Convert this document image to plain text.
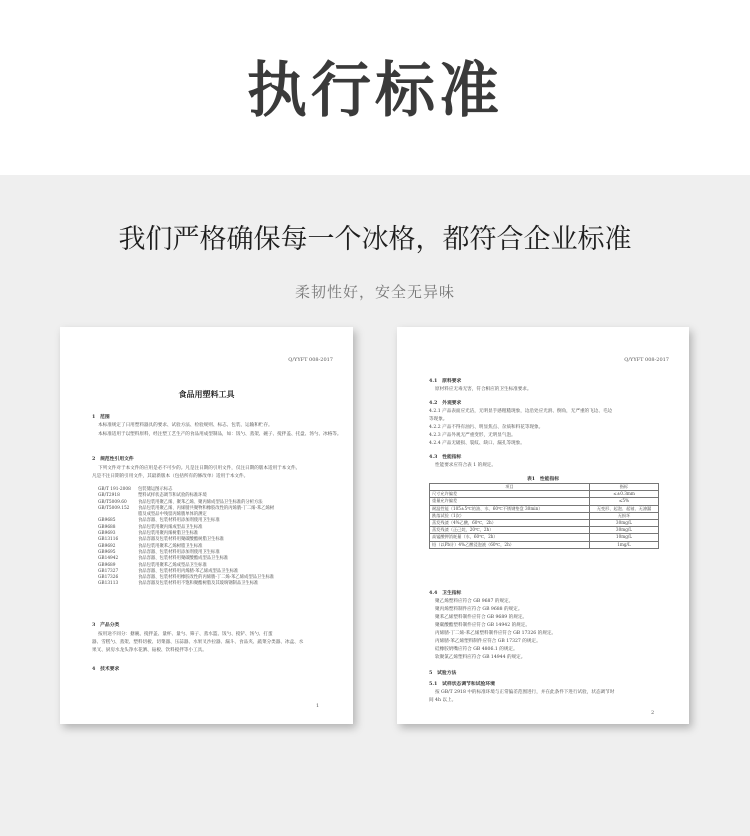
执行标准
我们严格确保每一个冰格，都符合企业标准
柔韧性好，安全无异味
Q/YYFT 008-2017
食品用塑料工具
1　范围
本标准规定了日用塑料器具的要求、试验方法、检验规则、标志、包装、运输和贮存。
本标准适用于以塑料原料，经注塑工艺生产的食品用成型制品，如：饭勺、蒸架、碗子、搅拌盖、托盘、汤勺、冰格等。
2　规范性引用文件
下列文件对于本文件的应用是必不可少的。凡是注日期的引用文件，仅注日期的版本适用于本文件。
凡是不注日期的引用文件，其最新版本（包括所有的修改单）适用于本文件。
GB/T 191-2008 包装储运图示标志
GB/T2918	塑料试样状态调节和试验的标准环境
GB/T5009.60	食品包装用聚乙烯、聚苯乙烯、聚丙烯成型品卫生标准的分析方法
GB/T5009.152 食品包装用聚乙烯、丙烯腈共聚物和橡胶改性的丙烯腈-丁二烯-苯乙烯树
脂及成型品中残留丙烯腈单体的测定
GB9685	食品容器、包装材料用添加剂使用卫生标准
GB9688	食品包装用聚丙烯成型品卫生标准
GB9693	食品包装用聚丙烯树脂卫生标准
GB13116	食品容器及包装材料用聚碳酸酯树脂卫生标准
GB9692	食品包装用聚苯乙烯树脂卫生标准
GB9695	食品容器、包装材料用添加剂使用卫生标准
GB14942	食品容器、包装材料用聚碳酸酯成型品卫生标准
GB9689	食品包装用聚苯乙烯成型品卫生标准
GB17327	食品容器、包装材料用丙烯腈-苯乙烯成型品卫生标准
GB17326	食品容器、包装材料用橡胶改性的丙烯腈-丁二烯-苯乙烯成型品卫生标准
GB13113	食品容器及包装材料用不饱和聚酯树脂及其玻璃钢制品卫生标准
3　产品分类
按用途不同分：搪碗、搅拌盖、量杯、量勺、筛子、蒸水篮、饭勺、搅铲、汤勺、打蛋
器、雪糕勺、蒸架、塑料切板、切菜器、压蒜器、水果叉沙拉器、漏斗、食品夹、蔬菜分类器、冰盒、水
果叉、厨房水龙头净水花洒、砧板、饮料搅拌等小工具。
4　技术要求
1
Q/YYFT 008-2017
4.1　原料要求
原材料应无毒无害，符合相应的卫生标准要求。
4.2　外观要求
4.2.1 产品表面应光洁，无明显手感粗糙现象，边沿处应光滑、倒角，无严重的飞边、毛边
等现象。
4.2.2 产品不得有油污、明显焦点、杂质和料花等现象。
4.2.3 产品外观无严重变形，无明显气泡。
4.2.4 产品无破损、裂纹、缺口、漏孔等现象。
4.3　性能指标
性能要求应符合表 1 的规定。
表1　性能指标
项目	指标
尺寸允许偏差	≤±0.3mm
重量允许偏差	≤5%
耐温性能（105±5℃的油、水、60℃不锈钢垫盘 30min）	无变形、起泡、起皱、无渗漏
跌落试验（1次）	无损坏
蒸发残渣（4%乙酸，60℃，2h）	30mg/L
蒸发残渣（正己烷，20℃，2h）	30mg/L
高锰酸钾消耗量（水，60℃，2h）	10mg/L
铅（以Pb计）4%乙酸浸泡液（60℃，2h）	1mg/L
4.4　卫生指标
聚乙烯塑料应符合 GB 9687 的规定。
聚丙烯塑料制件应符合 GB 9688 的规定。
聚苯乙烯塑料制件应符合 GB 9689 的规定。
聚碳酸酯塑料制件应符合 GB 14942 的规定。
丙烯腈-丁二烯-苯乙烯塑料制件应符合 GB 17326 的规定。
丙烯腈-苯乙烯塑料制件应符合 GB 17327 的规定。
硅橡胶奶嘴应符合 GB 4806.1 的规定。
软聚氯乙烯塑料应符合 GB 14944 的规定。
5　试验方法
5.1　试样状态调节和试验环境
按 GB/T 2918 中的标准环境与正常偏差范围进行，并在此条件下进行试验，状态调节时
间 4h 以上。
2
